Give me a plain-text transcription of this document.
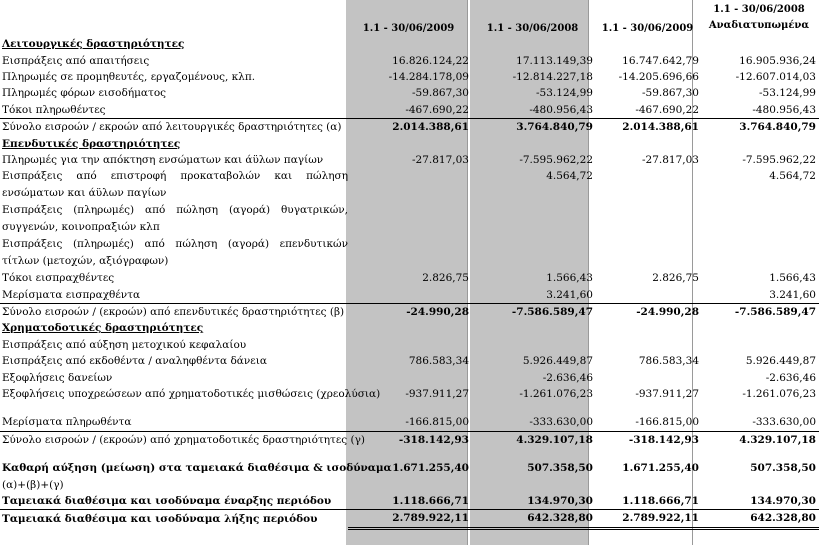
	1.1 - 30/06/2009	1.1 - 30/06/2008	1.1 - 30/06/2009	1.1 - 30/06/2008
Αναδιατυπωμένα
Λειτουργικές δραστηριότητες				
Εισπράξεις από απαιτήσεις	16.826.124,22	17.113.149,39	16.747.642,79	16.905.936,24
Πληρωμές σε προμηθευτές, εργαζομένους, κλπ.	-14.284.178,09	-12.814.227,18	-14.205.696,66	-12.607.014,03
Πληρωμές φόρων εισοδήματος	-59.867,30	-53.124,99	-59.867,30	-53.124,99
Τόκοι πληρωθέντες	-467.690,22	-480.956,43	-467.690,22	-480.956,43
Σύνολο εισροών / εκροών από λειτουργικές δραστηριότητες (α)	2.014.388,61	3.764.840,79	2.014.388,61	3.764.840,79
Επενδυτικές δραστηριότητες				
Πληρωμές για την απόκτηση ενσώματων και άϋλων παγίων	-27.817,03	-7.595.962,22	-27.817,03	-7.595.962,22
Εισπράξεις από επιστροφή προκαταβολών και πώληση ενσώματων και άϋλων παγίων		4.564,72		4.564,72
Εισπράξεις (πληρωμές) από πώληση (αγορά) θυγατρικών, συγγενών, κοινοπραξιών κλπ				
Εισπράξεις (πληρωμές) από πώληση (αγορά) επενδυτικών τίτλων (μετοχών, αξιόγραφων)				
Τόκοι εισπραχθέντες	2.826,75	1.566,43	2.826,75	1.566,43
Μερίσματα εισπραχθέντα		3.241,60		3.241,60
Σύνολο εισροών / (εκροών) από επενδυτικές δραστηριότητες (β)	-24.990,28	-7.586.589,47	-24.990,28	-7.586.589,47
Χρηματοδοτικές δραστηριότητες				
Εισπράξεις από αύξηση μετοχικού κεφαλαίου				
Εισπράξεις από εκδοθέντα / αναληφθέντα δάνεια	786.583,34	5.926.449,87	786.583,34	5.926.449,87
Εξοφλήσεις δανείων		-2.636,46		-2.636,46
Εξοφλήσεις υποχρεώσεων από χρηματοδοτικές μισθώσεις (χρεολύσια)	-937.911,27	-1.261.076,23	-937.911,27	-1.261.076,23

Μερίσματα πληρωθέντα	-166.815,00	-333.630,00	-166.815,00	-333.630,00
Σύνολο εισροών / (εκροών) από χρηματοδοτικές δραστηριότητες (γ)	-318.142,93	4.329.107,18	-318.142,93	4.329.107,18

Καθαρή αύξηση (μείωση) στα ταμειακά διαθέσιμα & ισοδύναμα	1.671.255,40	507.358,50	1.671.255,40	507.358,50
(α)+(β)+(γ)				
Ταμειακά διαθέσιμα και ισοδύναμα έναρξης περιόδου	1.118.666,71	134.970,30	1.118.666,71	134.970,30
Ταμειακά διαθέσιμα και ισοδύναμα λήξης περιόδου	2.789.922,11	642.328,80	2.789.922,11	642.328,80
